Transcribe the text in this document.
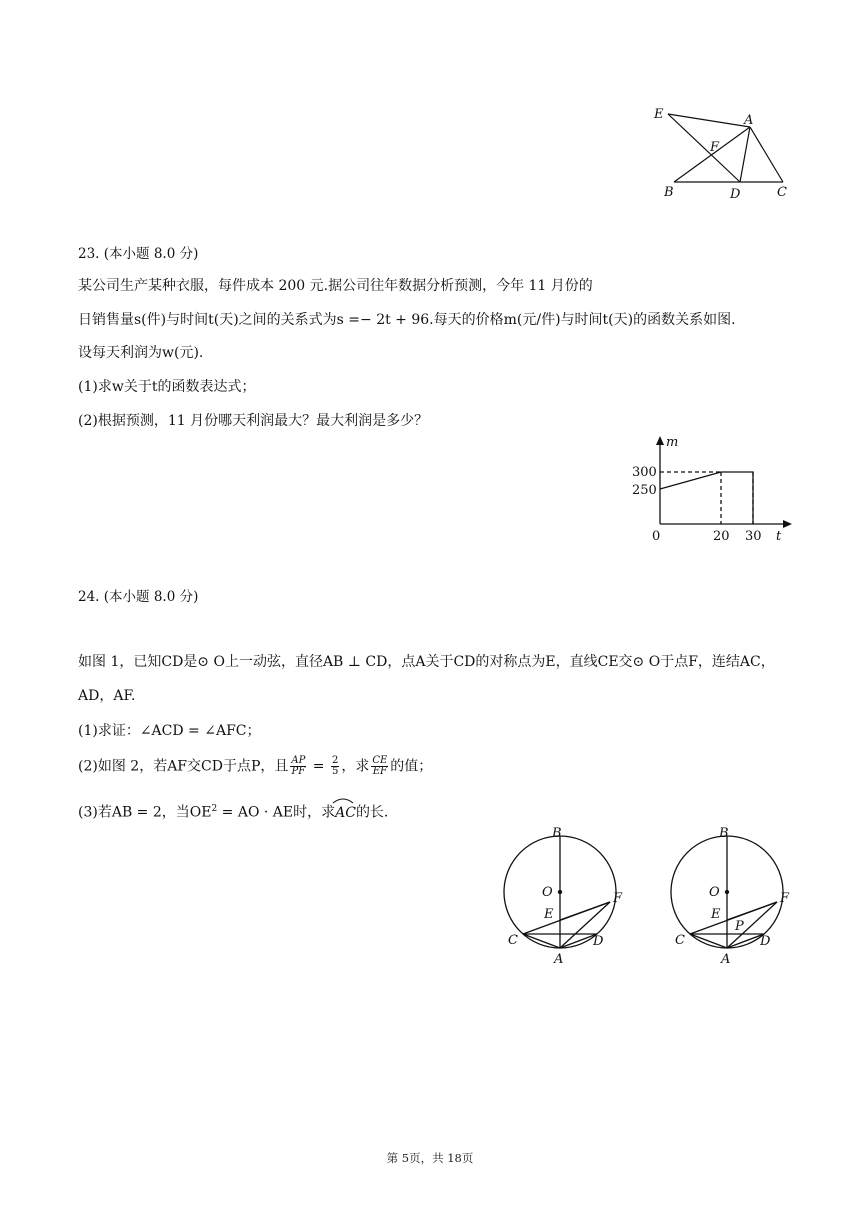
E	A
F
B	D	C
23. (本小题 8.0 分)
某公司生产某种衣服，每件成本 200 元.据公司往年数据分析预测，今年 11 月份的
日销售量s(件)与时间t(天)之间的关系式为s =− 2t + 96.每天的价格m(元/件)与时间t(天)的函数关系如图.
设每天利润为w(元).
(1)求w关于t的函数表达式；
(2)根据预测，11 月份哪天利润最大？最大利润是多少？
m
t
0
300
250
20 30
24. (本小题 8.0 分)
如图 1，已知CD是⊙ O上一动弦，直径AB ⊥ CD，点A关于CD的对称点为E，直线CE交⊙ O于点F，连结AC，
AD，AF.
(1)求证：∠ACD = ∠AFC；
(2)如图 2，若AF交CD于点P，且 $\frac{AP}{PF} = \frac{2}{5}$ ，求 $\frac{CE}{EF}$ 的值；
(3)若AB = 2，当$OE^2$ = AO · AE时，求AC的长.
B
O
E
F
C	D
A
B
O
E
F
P
C	D
A
第 5页，共 18页
